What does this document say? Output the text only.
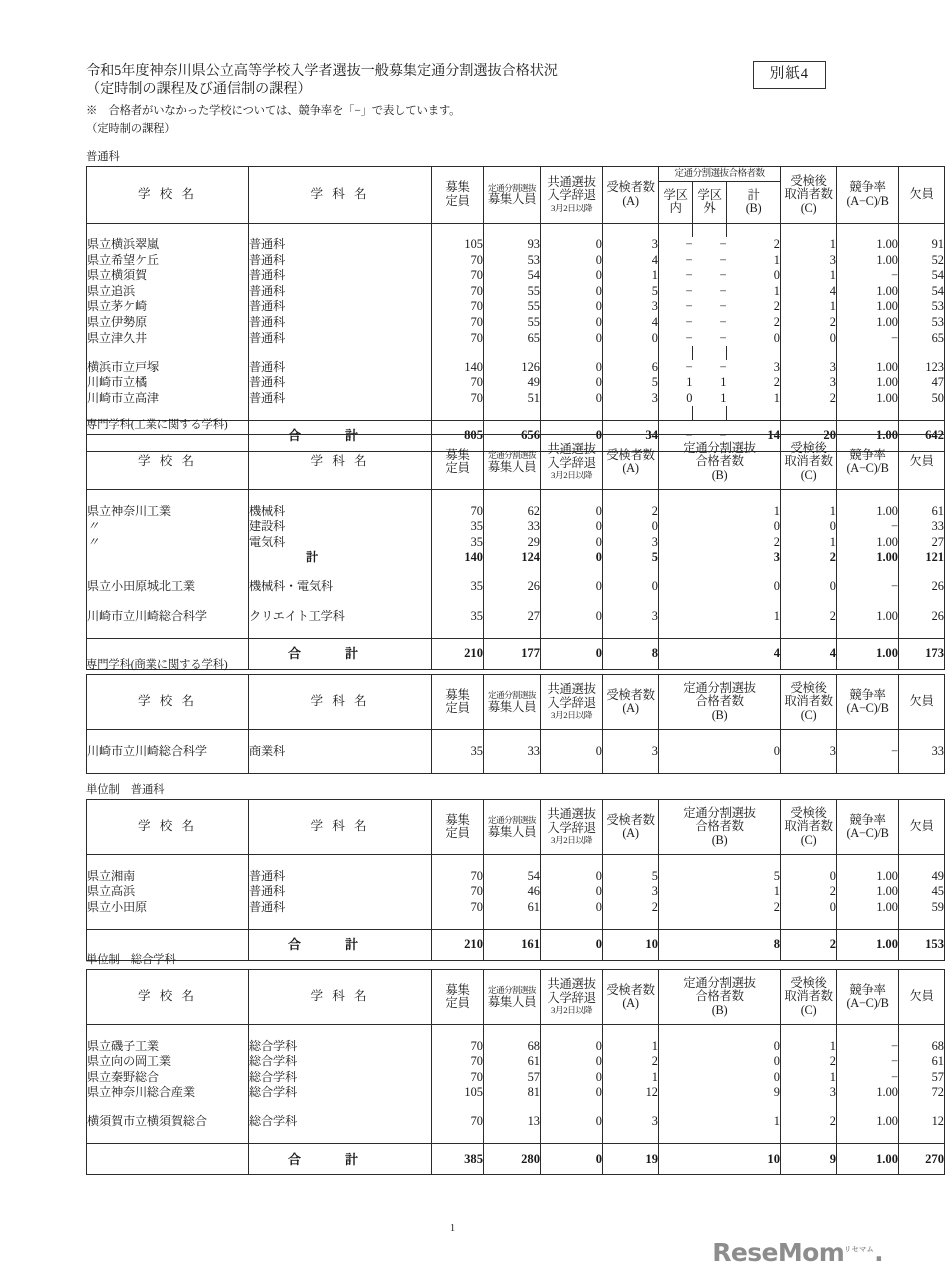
令和5年度神奈川県公立高等学校入学者選抜一般募集定通分割選抜合格状況
（定時制の課程及び通信制の課程）
別紙4
※　合格者がいなかった学校については、競争率を「−」で表しています。
（定時制の課程）
普通科
学 校 名	学 科 名	募集
定員	定通分割選抜
募集人員	共通選抜
入学辞退
3月2日以降	受検者数
(A)	定通分割選抜合格者数			受検後
取消者数
(C)	競争率
(A−C)/B	欠員
						学区
内	学区
外	計
(B)			

県立横浜翠嵐	普通科	105	93	0	3	−	−	2	1	1.00	91
県立希望ケ丘	普通科	70	53	0	4	−	−	1	3	1.00	52
県立横須賀	普通科	70	54	0	1	−	−	0	1	−	54
県立追浜	普通科	70	55	0	5	−	−	1	4	1.00	54
県立茅ケ崎	普通科	70	55	0	3	−	−	2	1	1.00	53
県立伊勢原	普通科	70	55	0	4	−	−	2	2	1.00	53
県立津久井	普通科	70	65	0	0	−	−	0	0	−	65

横浜市立戸塚	普通科	140	126	0	6	−	−	3	3	1.00	123
川崎市立橘	普通科	70	49	0	5	1	1	2	3	1.00	47
川崎市立高津	普通科	70	51	0	3	0	1	1	2	1.00	50

	合　　計	805	656	0	34	−	−	14	20	1.00	642
専門学科(工業に関する学科)
学 校 名	学 科 名	募集
定員	定通分割選抜
募集人員	共通選抜
入学辞退
3月2日以降	受検者数
(A)	定通分割選抜
合格者数
(B)	受検後
取消者数
(C)	競争率
(A−C)/B	欠員

県立神奈川工業	機械科	70	62	0	2	1	1	1.00	61
〃	建設科	35	33	0	0	0	0	−	33
〃	電気科	35	29	0	3	2	1	1.00	27
	計	140	124	0	5	3	2	1.00	121

県立小田原城北工業	機械科・電気科	35	26	0	0	0	0	−	26

川崎市立川崎総合科学	クリエイト工学科	35	27	0	3	1	2	1.00	26

	合　　計	210	177	0	8	4	4	1.00	173
専門学科(商業に関する学科)
学 校 名	学 科 名	募集
定員	定通分割選抜
募集人員	共通選抜
入学辞退
3月2日以降	受検者数
(A)	定通分割選抜
合格者数
(B)	受検後
取消者数
(C)	競争率
(A−C)/B	欠員

川崎市立川崎総合科学	商業科	35	33	0	3	0	3	−	33

単位制　普通科
学 校 名	学 科 名	募集
定員	定通分割選抜
募集人員	共通選抜
入学辞退
3月2日以降	受検者数
(A)	定通分割選抜
合格者数
(B)	受検後
取消者数
(C)	競争率
(A−C)/B	欠員

県立湘南	普通科	70	54	0	5	5	0	1.00	49
県立高浜	普通科	70	46	0	3	1	2	1.00	45
県立小田原	普通科	70	61	0	2	2	0	1.00	59

	合　　計	210	161	0	10	8	2	1.00	153
単位制　総合学科
学 校 名	学 科 名	募集
定員	定通分割選抜
募集人員	共通選抜
入学辞退
3月2日以降	受検者数
(A)	定通分割選抜
合格者数
(B)	受検後
取消者数
(C)	競争率
(A−C)/B	欠員

県立磯子工業	総合学科	70	68	0	1	0	1	−	68
県立向の岡工業	総合学科	70	61	0	2	0	2	−	61
県立秦野総合	総合学科	70	57	0	1	0	1	−	57
県立神奈川総合産業	総合学科	105	81	0	12	9	3	1.00	72

横須賀市立横須賀総合	総合学科	70	13	0	3	1	2	1.00	12

	合　　計	385	280	0	19	10	9	1.00	270
1
ReseMom$^{リセマム}$.
